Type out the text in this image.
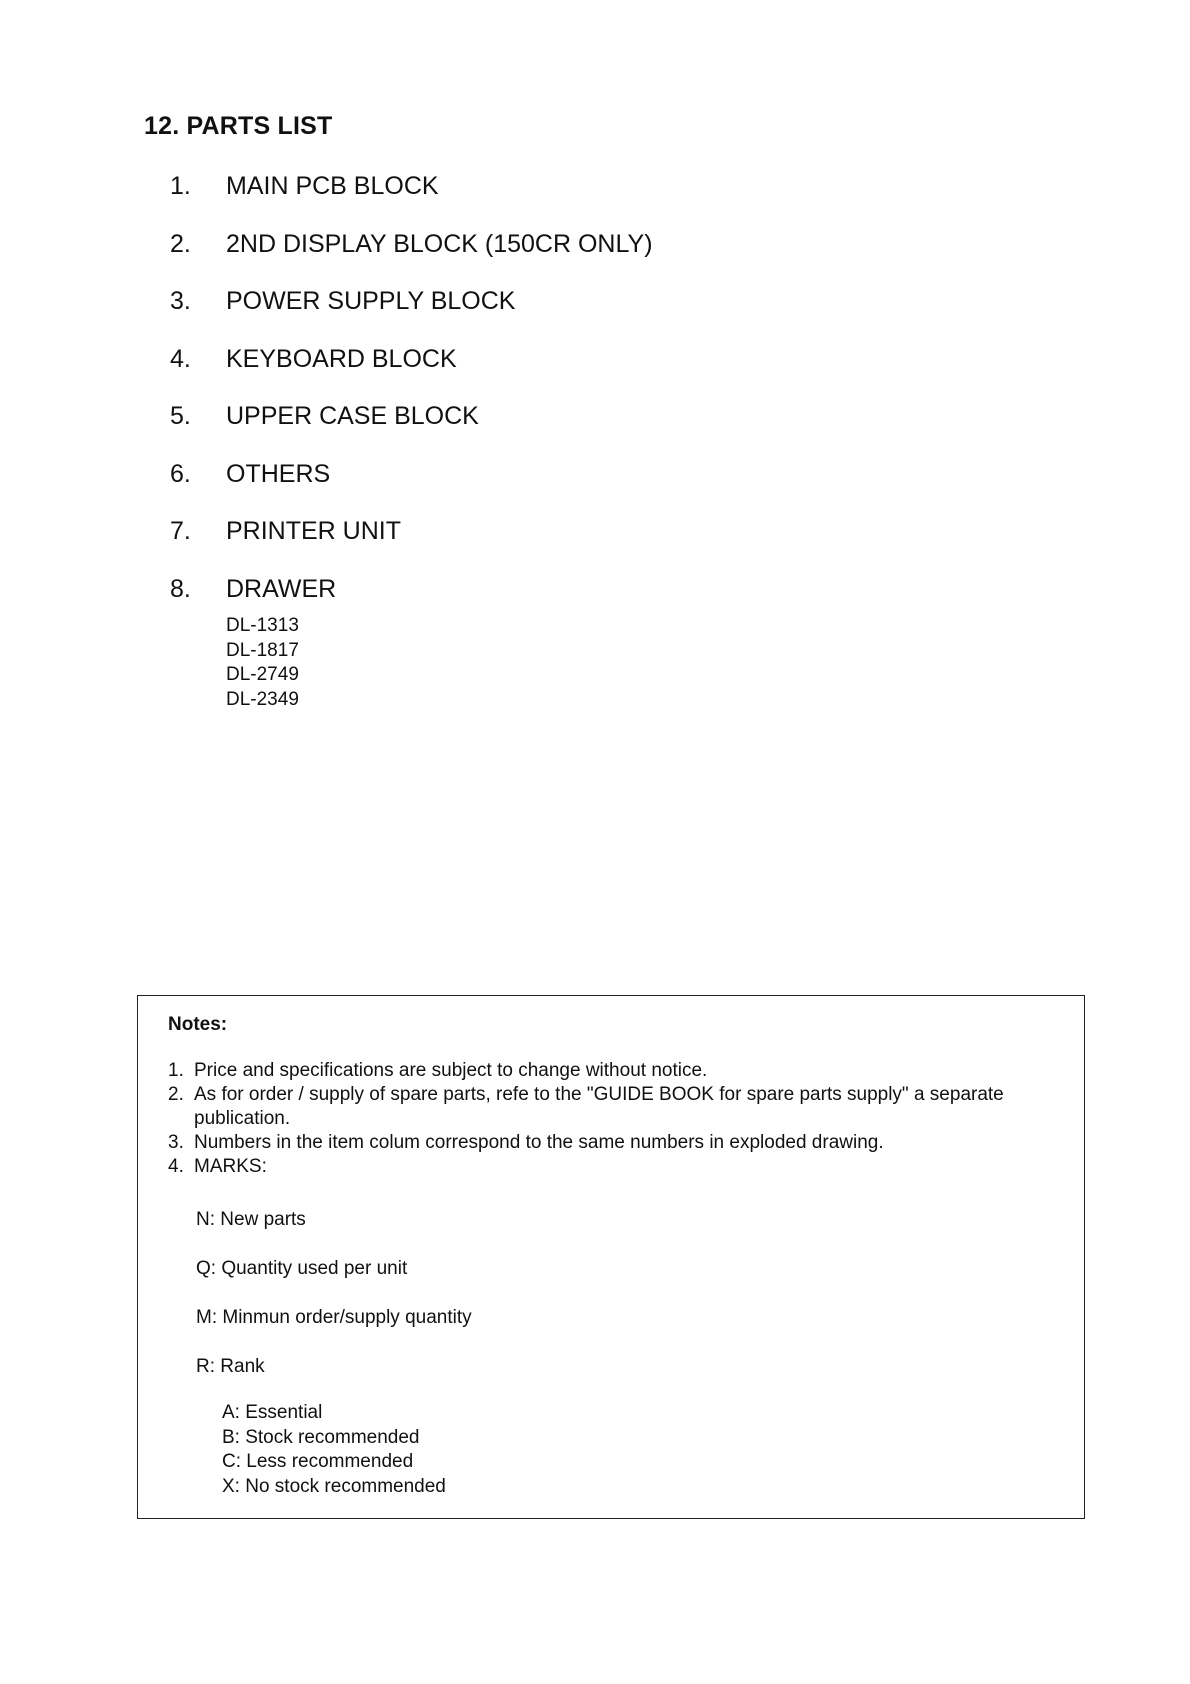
12. PARTS LIST
1.	MAIN PCB BLOCK
2.	2ND DISPLAY BLOCK (150CR ONLY)
3.	POWER SUPPLY BLOCK
4.	KEYBOARD BLOCK
5.	UPPER CASE BLOCK
6.	OTHERS
7.	PRINTER UNIT
8.	DRAWER
DL-1313
DL-1817
DL-2749
DL-2349
Notes:
1. Price and specifications are subject to change without notice.
2. As for order / supply of spare parts, refe to the "GUIDE BOOK for spare parts supply" a separate publication.
3. Numbers in the item colum correspond to the same numbers in exploded drawing.
4. MARKS:
N: New parts
Q: Quantity used per unit
M: Minmun order/supply quantity
R: Rank
A: Essential
B: Stock recommended
C: Less recommended
X: No stock recommended
